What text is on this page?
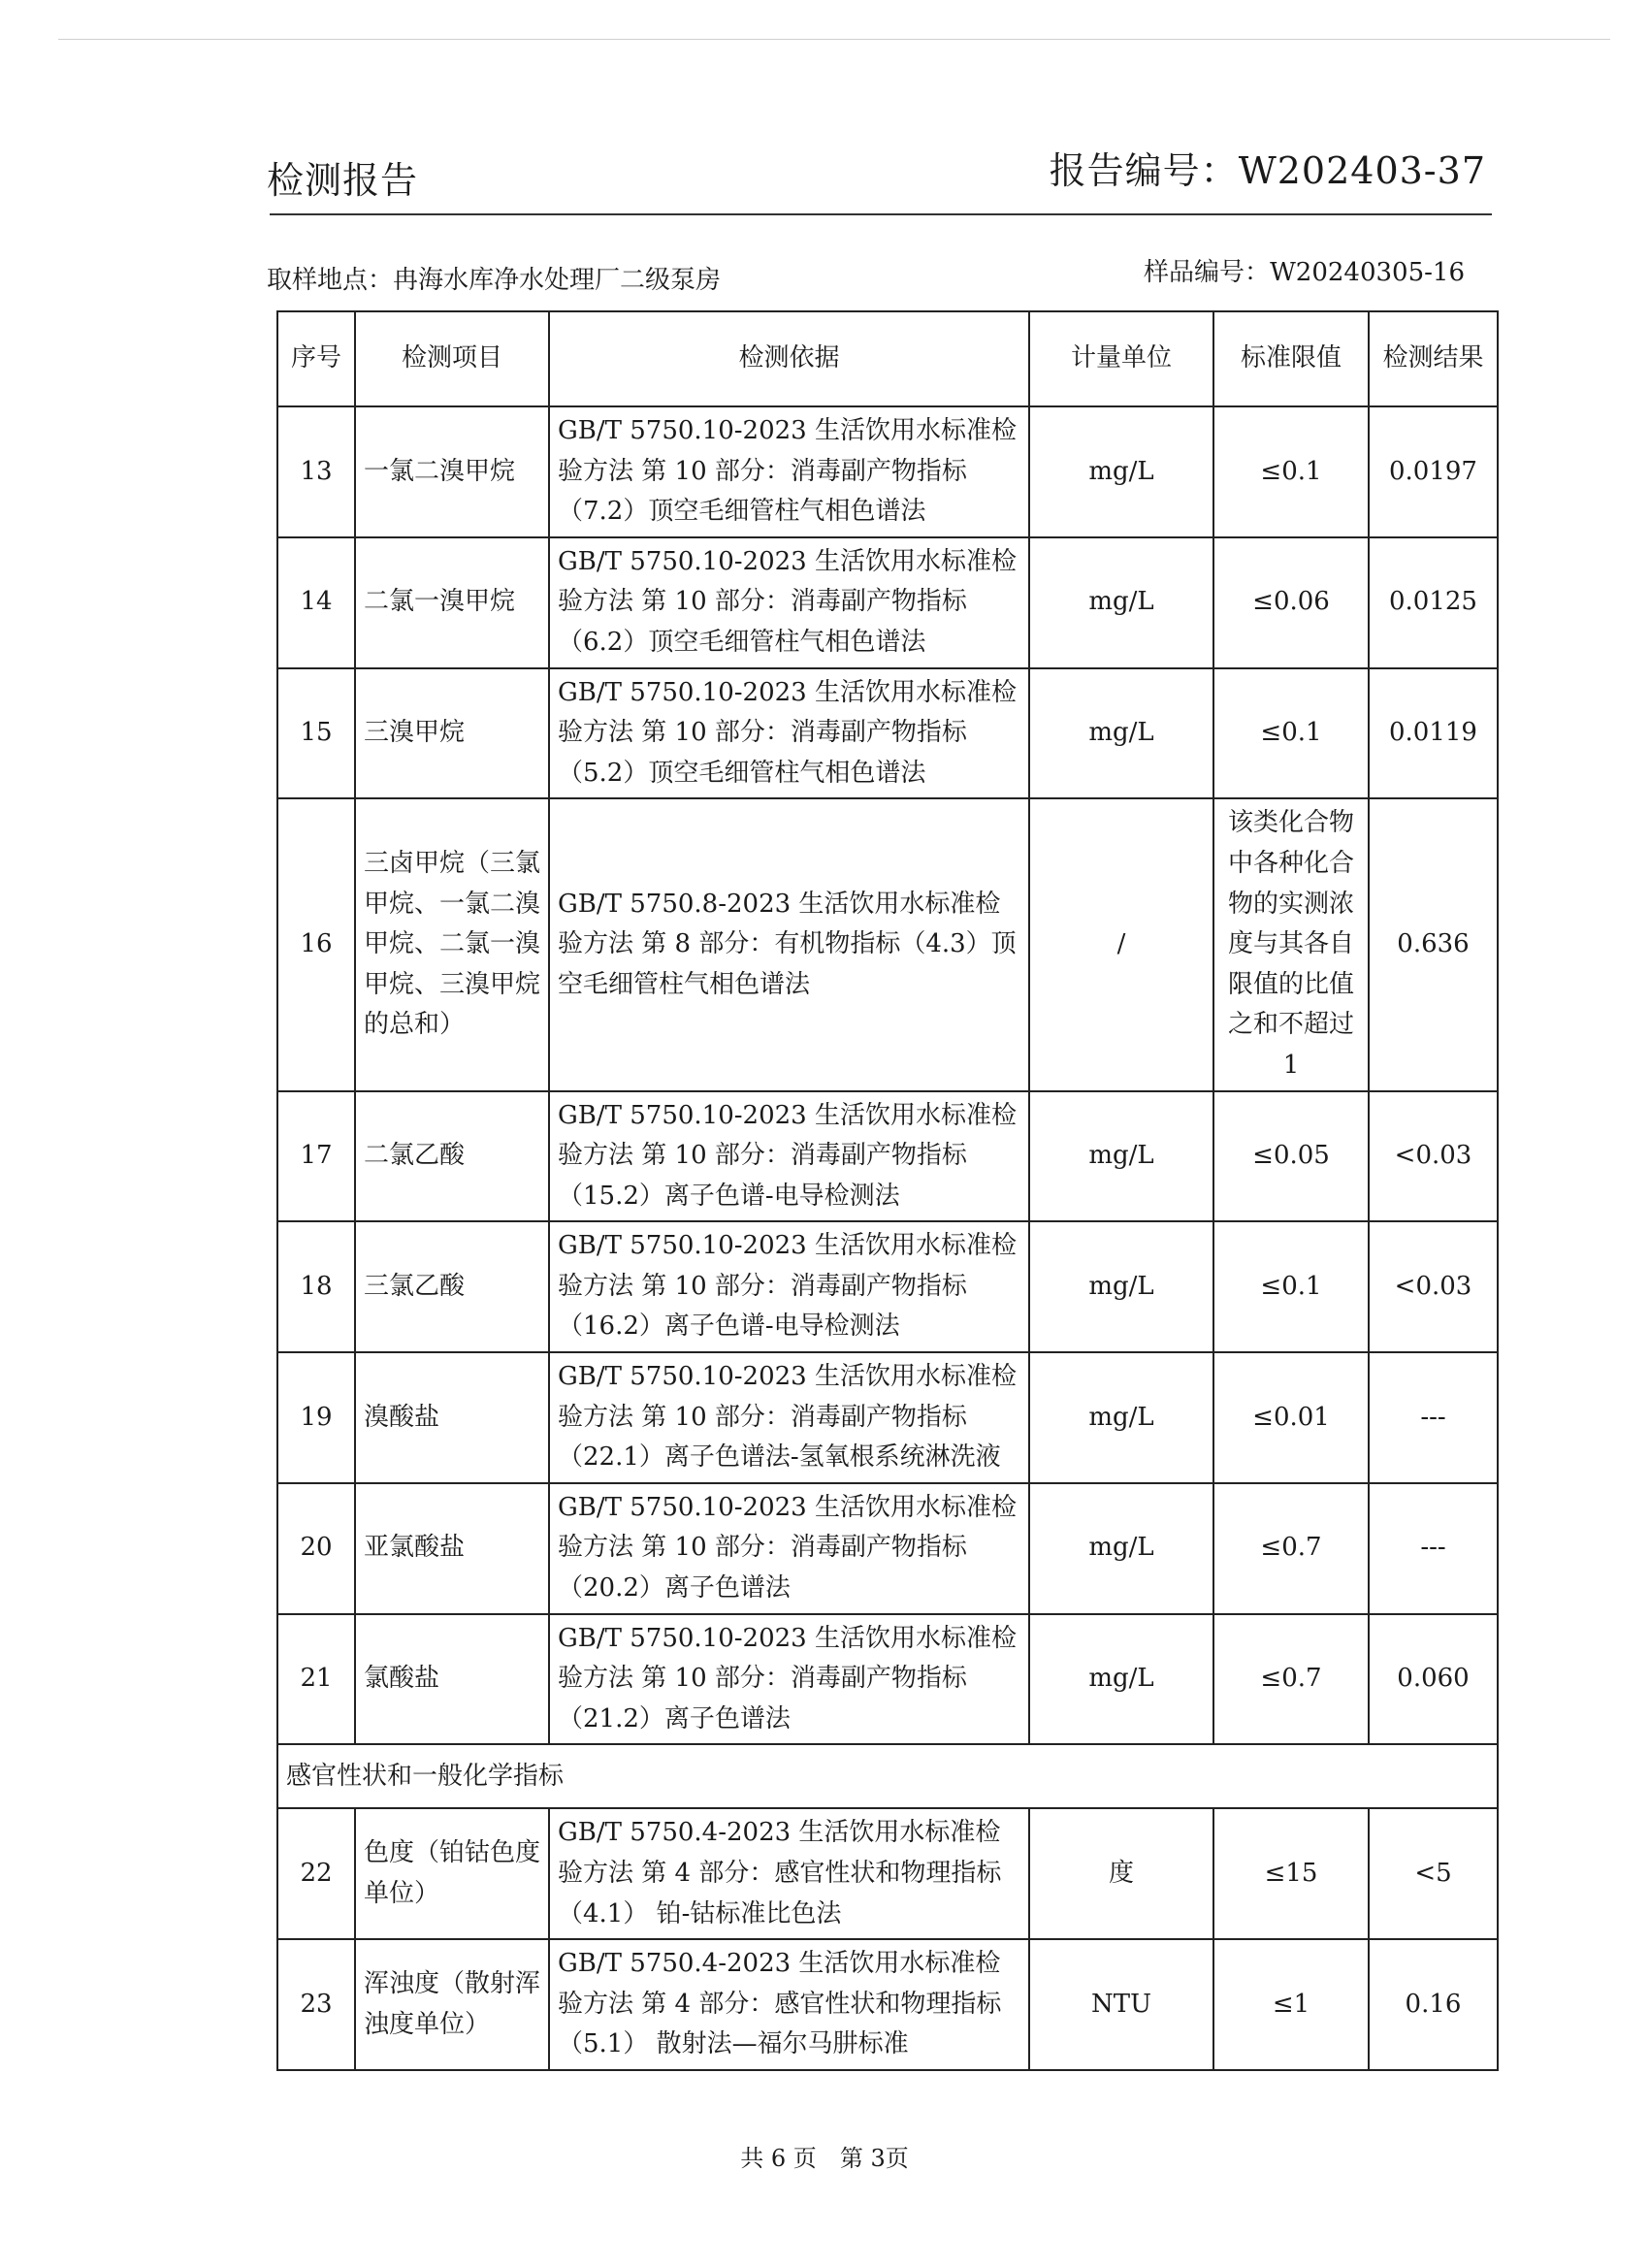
检测报告	报告编号：W202403-37
取样地点：冉海水库净水处理厂二级泵房	样品编号：W20240305-16
序号	检测项目	检测依据	计量单位	标准限值	检测结果
13	一氯二溴甲烷	GB/T 5750.10-2023 生活饮用水标准检验方法 第 10 部分：消毒副产物指标（7.2）顶空毛细管柱气相色谱法	mg/L	≤0.1	0.0197
14	二氯一溴甲烷	GB/T 5750.10-2023 生活饮用水标准检验方法 第 10 部分：消毒副产物指标（6.2）顶空毛细管柱气相色谱法	mg/L	≤0.06	0.0125
15	三溴甲烷	GB/T 5750.10-2023 生活饮用水标准检验方法 第 10 部分：消毒副产物指标（5.2）顶空毛细管柱气相色谱法	mg/L	≤0.1	0.0119
16	三卤甲烷（三氯甲烷、一氯二溴甲烷、二氯一溴甲烷、三溴甲烷的总和）	GB/T 5750.8-2023 生活饮用水标准检验方法 第 8 部分：有机物指标（4.3）顶空毛细管柱气相色谱法	/	该类化合物中各种化合物的实测浓度与其各自限值的比值之和不超过1	0.636
17	二氯乙酸	GB/T 5750.10-2023 生活饮用水标准检验方法 第 10 部分：消毒副产物指标（15.2）离子色谱-电导检测法	mg/L	≤0.05	<0.03
18	三氯乙酸	GB/T 5750.10-2023 生活饮用水标准检验方法 第 10 部分：消毒副产物指标（16.2）离子色谱-电导检测法	mg/L	≤0.1	<0.03
19	溴酸盐	GB/T 5750.10-2023 生活饮用水标准检验方法 第 10 部分：消毒副产物指标（22.1）离子色谱法-氢氧根系统淋洗液	mg/L	≤0.01	---
20	亚氯酸盐	GB/T 5750.10-2023 生活饮用水标准检验方法 第 10 部分：消毒副产物指标（20.2）离子色谱法	mg/L	≤0.7	---
21	氯酸盐	GB/T 5750.10-2023 生活饮用水标准检验方法 第 10 部分：消毒副产物指标（21.2）离子色谱法	mg/L	≤0.7	0.060
感官性状和一般化学指标					
22	色度（铂钴色度单位）	GB/T 5750.4-2023 生活饮用水标准检验方法 第 4 部分：感官性状和物理指标（4.1） 铂-钴标准比色法	度	≤15	<5
23	浑浊度（散射浑浊度单位）	GB/T 5750.4-2023 生活饮用水标准检验方法 第 4 部分：感官性状和物理指标（5.1） 散射法—福尔马肼标准	NTU	≤1	0.16
共 6 页 第 3页
